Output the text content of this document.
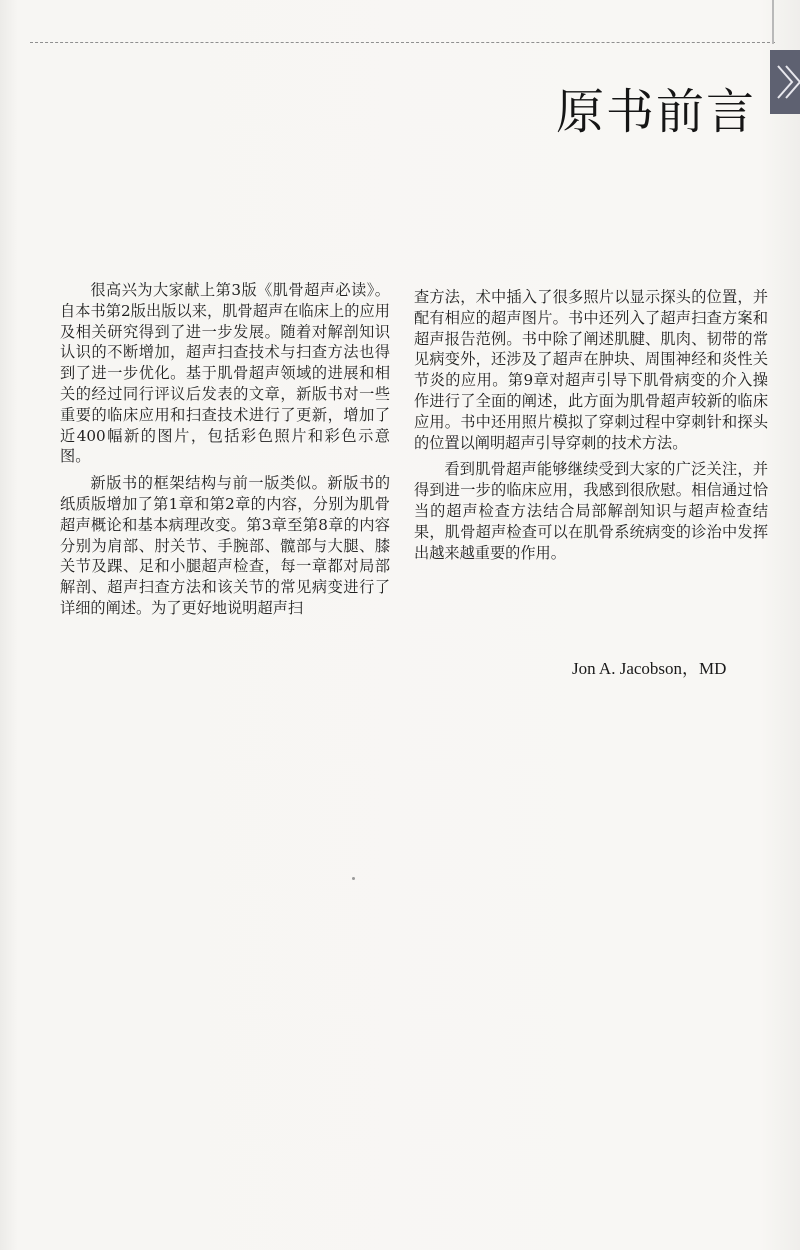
原书前言

很高兴为大家献上第3版《肌骨超声必读》。自本书第2版出版以来，肌骨超声在临床上的应用及相关研究得到了进一步发展。随着对解剖知识认识的不断增加，超声扫查技术与扫查方法也得到了进一步优化。基于肌骨超声领域的进展和相关的经过同行评议后发表的文章，新版书对一些重要的临床应用和扫查技术进行了更新，增加了近400幅新的图片，包括彩色照片和彩色示意图。

新版书的框架结构与前一版类似。新版书的纸质版增加了第1章和第2章的内容，分别为肌骨超声概论和基本病理改变。第3章至第8章的内容分别为肩部、肘关节、手腕部、髋部与大腿、膝关节及踝、足和小腿超声检查，每一章都对局部解剖、超声扫查方法和该关节的常见病变进行了详细的阐述。为了更好地说明超声扫

查方法，术中插入了很多照片以显示探头的位置，并配有相应的超声图片。书中还列入了超声扫查方案和超声报告范例。书中除了阐述肌腱、肌肉、韧带的常见病变外，还涉及了超声在肿块、周围神经和炎性关节炎的应用。第9章对超声引导下肌骨病变的介入操作进行了全面的阐述，此方面为肌骨超声较新的临床应用。书中还用照片模拟了穿刺过程中穿刺针和探头的位置以阐明超声引导穿刺的技术方法。

看到肌骨超声能够继续受到大家的广泛关注，并得到进一步的临床应用，我感到很欣慰。相信通过恰当的超声检查方法结合局部解剖知识与超声检查结果，肌骨超声检查可以在肌骨系统病变的诊治中发挥出越来越重要的作用。

Jon A. Jacobson，MD
